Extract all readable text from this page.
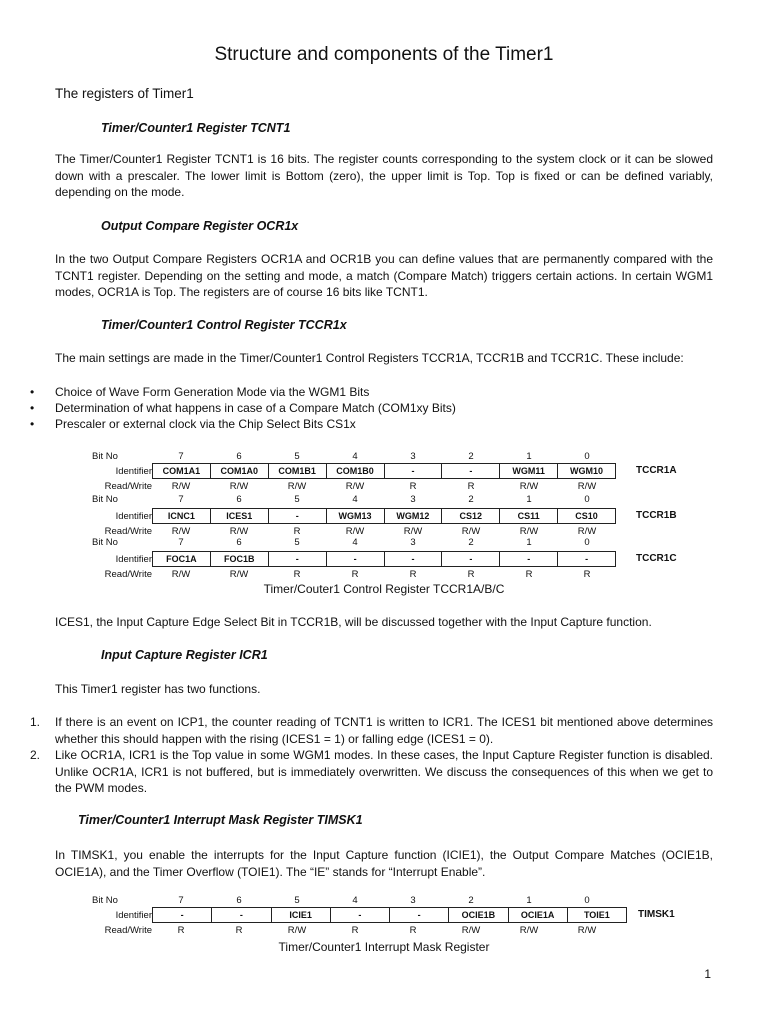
Structure and components of the Timer1
The registers of Timer1
Timer/Counter1 Register TCNT1

The Timer/Counter1 Register TCNT1 is 16 bits. The register counts corresponding to the system clock or it can be slowed down with a prescaler. The lower limit is Bottom (zero), the upper limit is Top. Top is fixed or can be defined variably, depending on the mode.

Output Compare Register OCR1x

In the two Output Compare Registers OCR1A and OCR1B you can define values that are permanently compared with the TCNT1 register. Depending on the setting and mode, a match (Compare Match) triggers certain actions. In certain WGM1 modes, OCR1A is Top. The registers are of course 16 bits like TCNT1.

Timer/Counter1 Control Register TCCR1x

The main settings are made in the Timer/Counter1 Control Registers TCCR1A, TCCR1B and TCCR1C. These include:

• Choice of Wave Form Generation Mode via the WGM1 Bits
• Determination of what happens in case of a Compare Match (COM1xy Bits)
• Prescaler or external clock via the Chip Select Bits CS1x
Bit No	7	6	5	4	3	2	1	0
Identifier	COM1A1	COM1A0	COM1B1	COM1B0	-	-	WGM11	WGM10	TCCR1A
Read/Write	R/W	R/W	R/W	R/W	R	R	R/W	R/W
Bit No	7	6	5	4	3	2	1	0
Identifier	ICNC1	ICES1	-	WGM13	WGM12	CS12	CS11	CS10	TCCR1B
Read/Write	R/W	R/W	R	R/W	R/W	R/W	R/W	R/W
Bit No	7	6	5	4	3	2	1	0
Identifier	FOC1A	FOC1B	-	-	-	-	-	-	TCCR1C
Read/Write	R/W	R/W	R	R	R	R	R	R
Timer/Couter1 Control Register TCCR1A/B/C

ICES1, the Input Capture Edge Select Bit in TCCR1B, will be discussed together with the Input Capture function.

Input Capture Register ICR1

This Timer1 register has two functions.

1. If there is an event on ICP1, the counter reading of TCNT1 is written to ICR1. The ICES1 bit mentioned above determines whether this should happen with the rising (ICES1 = 1) or falling edge (ICES1 = 0).
2. Like OCR1A, ICR1 is the Top value in some WGM1 modes. In these cases, the Input Capture Register function is disabled. Unlike OCR1A, ICR1 is not buffered, but is immediately overwritten. We discuss the consequences of this when we get to the PWM modes.
Timer/Counter1 Interrupt Mask Register TIMSK1

In TIMSK1, you enable the interrupts for the Input Capture function (ICIE1), the Output Compare Matches (OCIE1B, OCIE1A), and the Timer Overflow (TOIE1). The “IE” stands for “Interrupt Enable”.

Bit No	7	6	5	4	3	2	1	0
Identifier	-	-	ICIE1	-	-	OCIE1B	OCIE1A	TOIE1	TIMSK1
Read/Write	R	R	R/W	R	R	R/W	R/W	R/W
Timer/Counter1 Interrupt Mask Register
1
